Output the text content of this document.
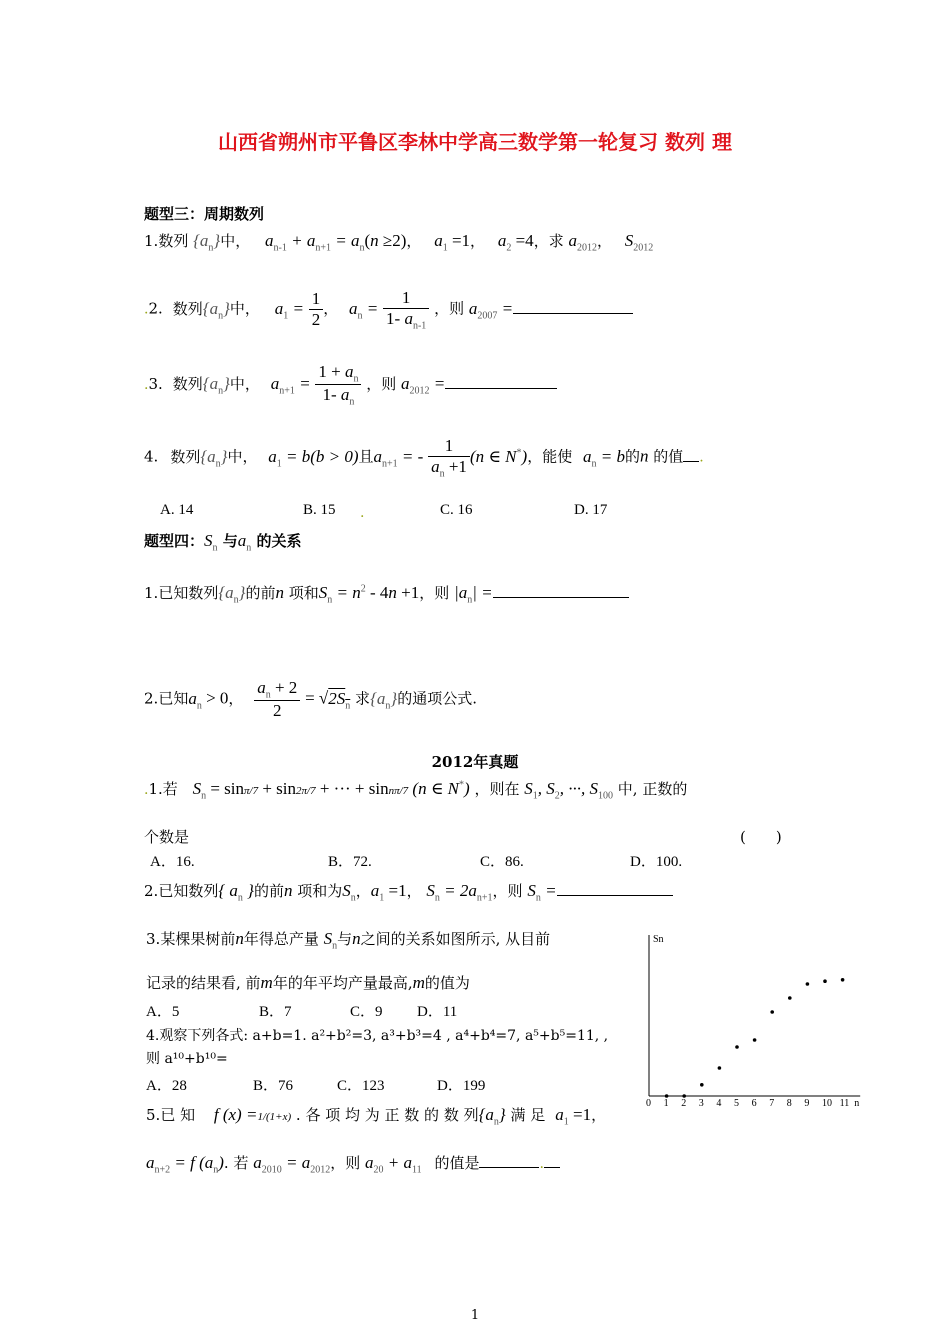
山西省朔州市平鲁区李林中学高三数学第一轮复习 数列 理
题型三：周期数列
1.数列 $\{a_n\}$中， $a_{n-1} + a_{n+1} = a_n(n \ge 2)$， $a_1 =1$， $a_2 =4$，求 $a_{2012}$， $S_{2012}$
.2. 数列$\{a_n\}$中， $a_1 = \frac{1}{2}$ ， $a_n = \frac{1}{1- a_{n-1}}$ ，则 $a_{2007}$ =
.3. 数列$\{a_n\}$中， $a_{n+1} = \frac{1 + a_n}{1- a_n}$ ，则 $a_{2012}$ =
4. 数列$\{a_n\}$中， $a_1 = b(b > 0)$且$a_{n+1}$ = - $\frac{1}{a_n +1} (n$ ∈ N*)，能使 $a_n = b$的n 的值 .
A. 14	B. 15 .	C. 16	D. 17
题型四：$S_n$ 与$a_n$ 的关系
1.已知数列$\{a_n\}$的前n 项和$S_n = n^2 - 4n +1$，则 $|a_n|$ =
2.已知$a_n > 0$， $\frac{a_n + 2}{2} = √2S_n$ 求$\{a_n\}$的通项公式.
2012年真题
.1.若 $S_n = \sin\pi/7 + \sin 2\pi/7$ + ··· + sinnπ/7 (n ∈ N*) ，则在 $S_1$, $S_2$, ···, $S_{100}$ 中, 正数的
个数是	(　　)
A．16.	B．72.	C．86.	D．100.
2.已知数列{ $a_n$ }的前n 项和为$S_n$，$a_1 =1$， $S_n = 2a_{n+1}$，则 $S_n$ =
3.某棵果树前n年得总产量 $S_n$与n之间的关系如图所示, 从目前
记录的结果看, 前m年的年平均产量最高,m的值为
A．5	B．7	C．9 D．11
4.观察下列各式: a+b=1. a²+b²=3, a³+b³=4 , a⁴+b⁴=7, a⁵+b⁵=11, ,
则 a¹⁰+b¹⁰=
A．28	B．76	C．123	D．199
5.已 知 f (x) =1/(1+x) . 各 项 均 为 正 数 的 数 列$\{a_n\}$ 满 足 $a_1 =1$，
$a_{n+2} = f$ $(a_n)$. 若 $a_{2010} = a_{2012}$，则 $a_{20} + a_{11}$ 的值是	.
Sn
n
0 1 2 3 4 5 6 7 8 9 10 11
1
